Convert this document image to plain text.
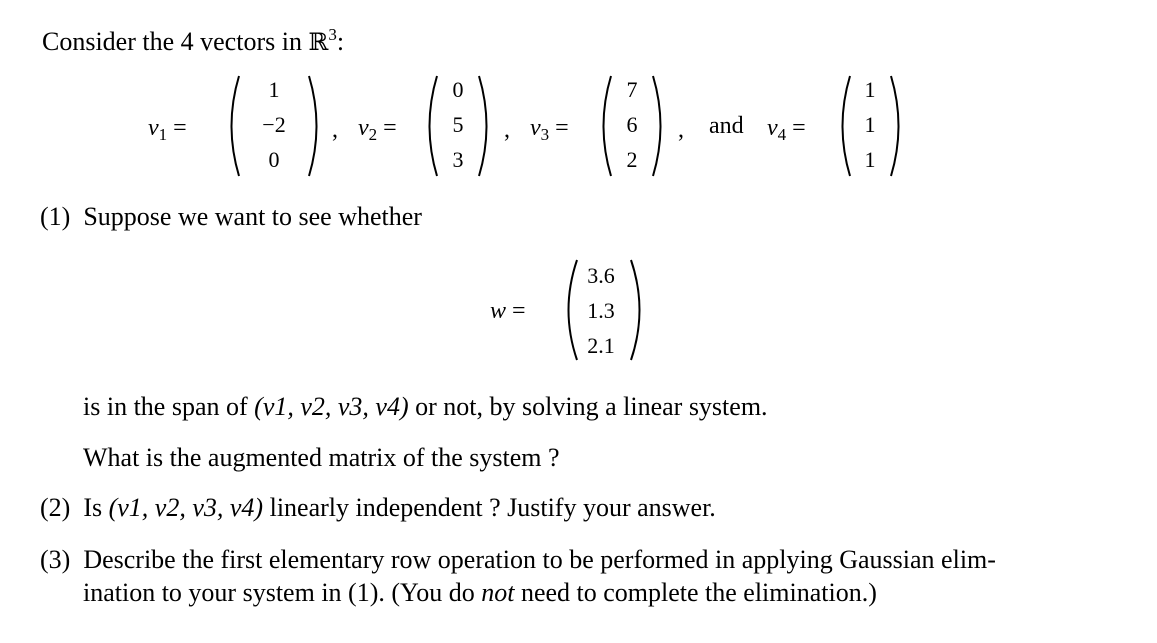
Consider the 4 vectors in ℝ$^3$:
$v_1$ =
1
−2
0
, $v_2$ =
0
5
3
, $v_3$ =
7
6
2
, and $v_4$ =
1
1
1
(1) Suppose we want to see whether
w =
3.6
1.3
2.1
is in the span of (v1, v2, v3, v4) or not, by solving a linear system.
What is the augmented matrix of the system ?
(2) Is (v1, v2, v3, v4) linearly independent ? Justify your answer.
(3) Describe the first elementary row operation to be performed in applying Gaussian elim-
ination to your system in (1). (You do not need to complete the elimination.)
